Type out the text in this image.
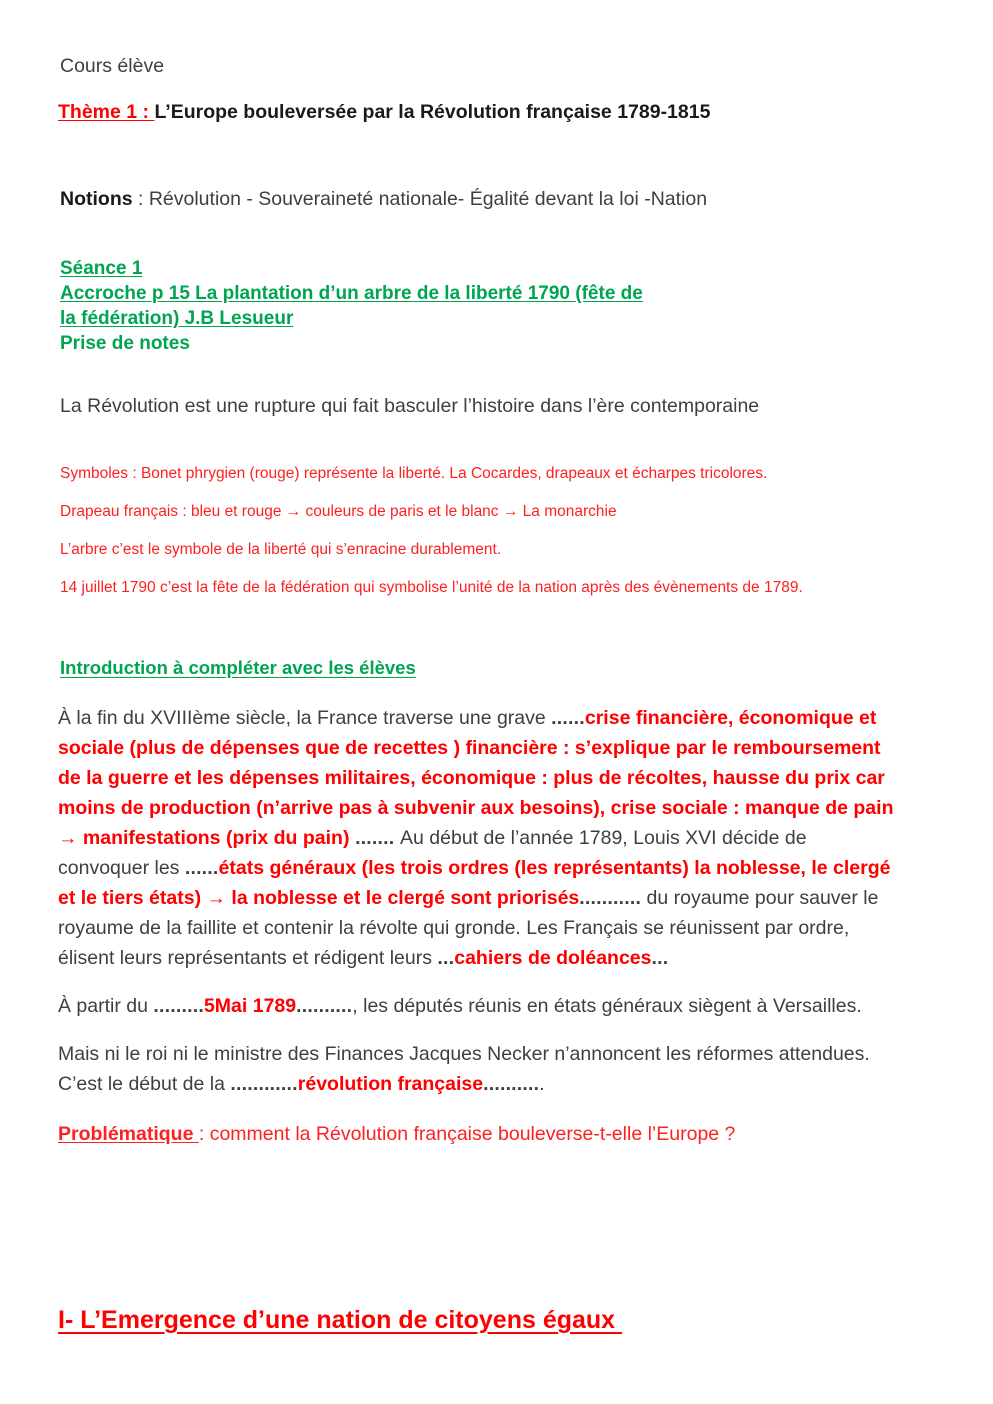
Cours élève
Thème 1 : L’Europe bouleversée par la Révolution française 1789-1815
Notions : Révolution - Souveraineté nationale- Égalité devant la loi -Nation
Séance 1
Accroche p 15 La plantation d’un arbre de la liberté 1790 (fête de la fédération) J.B Lesueur
Prise de notes
La Révolution est une rupture qui fait basculer l’histoire dans l’ère contemporaine

Symboles : Bonet phrygien (rouge) représente la liberté. La Cocardes, drapeaux et écharpes tricolores.

Drapeau français : bleu et rouge → couleurs de paris et le blanc → La monarchie

L’arbre c’est le symbole de la liberté qui s’enracine durablement.

14 juillet 1790 c’est la fête de la fédération qui symbolise l’unité de la nation après des évènements de 1789.

Introduction à compléter avec les élèves

À la fin du XVIIIème siècle, la France traverse une grave ......crise financière, économique et sociale (plus de dépenses que de recettes ) financière : s’explique par le remboursement de la guerre et les dépenses militaires, économique : plus de récoltes, hausse du prix car moins de production (n’arrive pas à subvenir aux besoins), crise sociale : manque de pain → manifestations (prix du pain) ....... Au début de l’année 1789, Louis XVI décide de convoquer les ......états généraux (les trois ordres (les représentants) la noblesse, le clergé et le tiers états) → la noblesse et le clergé sont priorisés........... du royaume pour sauver le royaume de la faillite et contenir la révolte qui gronde. Les Français se réunissent par ordre, élisent leurs représentants et rédigent leurs ...cahiers de doléances...

À partir du .........5Mai 1789.........., les députés réunis en états généraux siègent à Versailles.

Mais ni le roi ni le ministre des Finances Jacques Necker n’annoncent les réformes attendues. C’est le début de la ............révolution française...........

Problématique : comment la Révolution française bouleverse-t-elle l’Europe ?

I- L’Emergence d’une nation de citoyens égaux
